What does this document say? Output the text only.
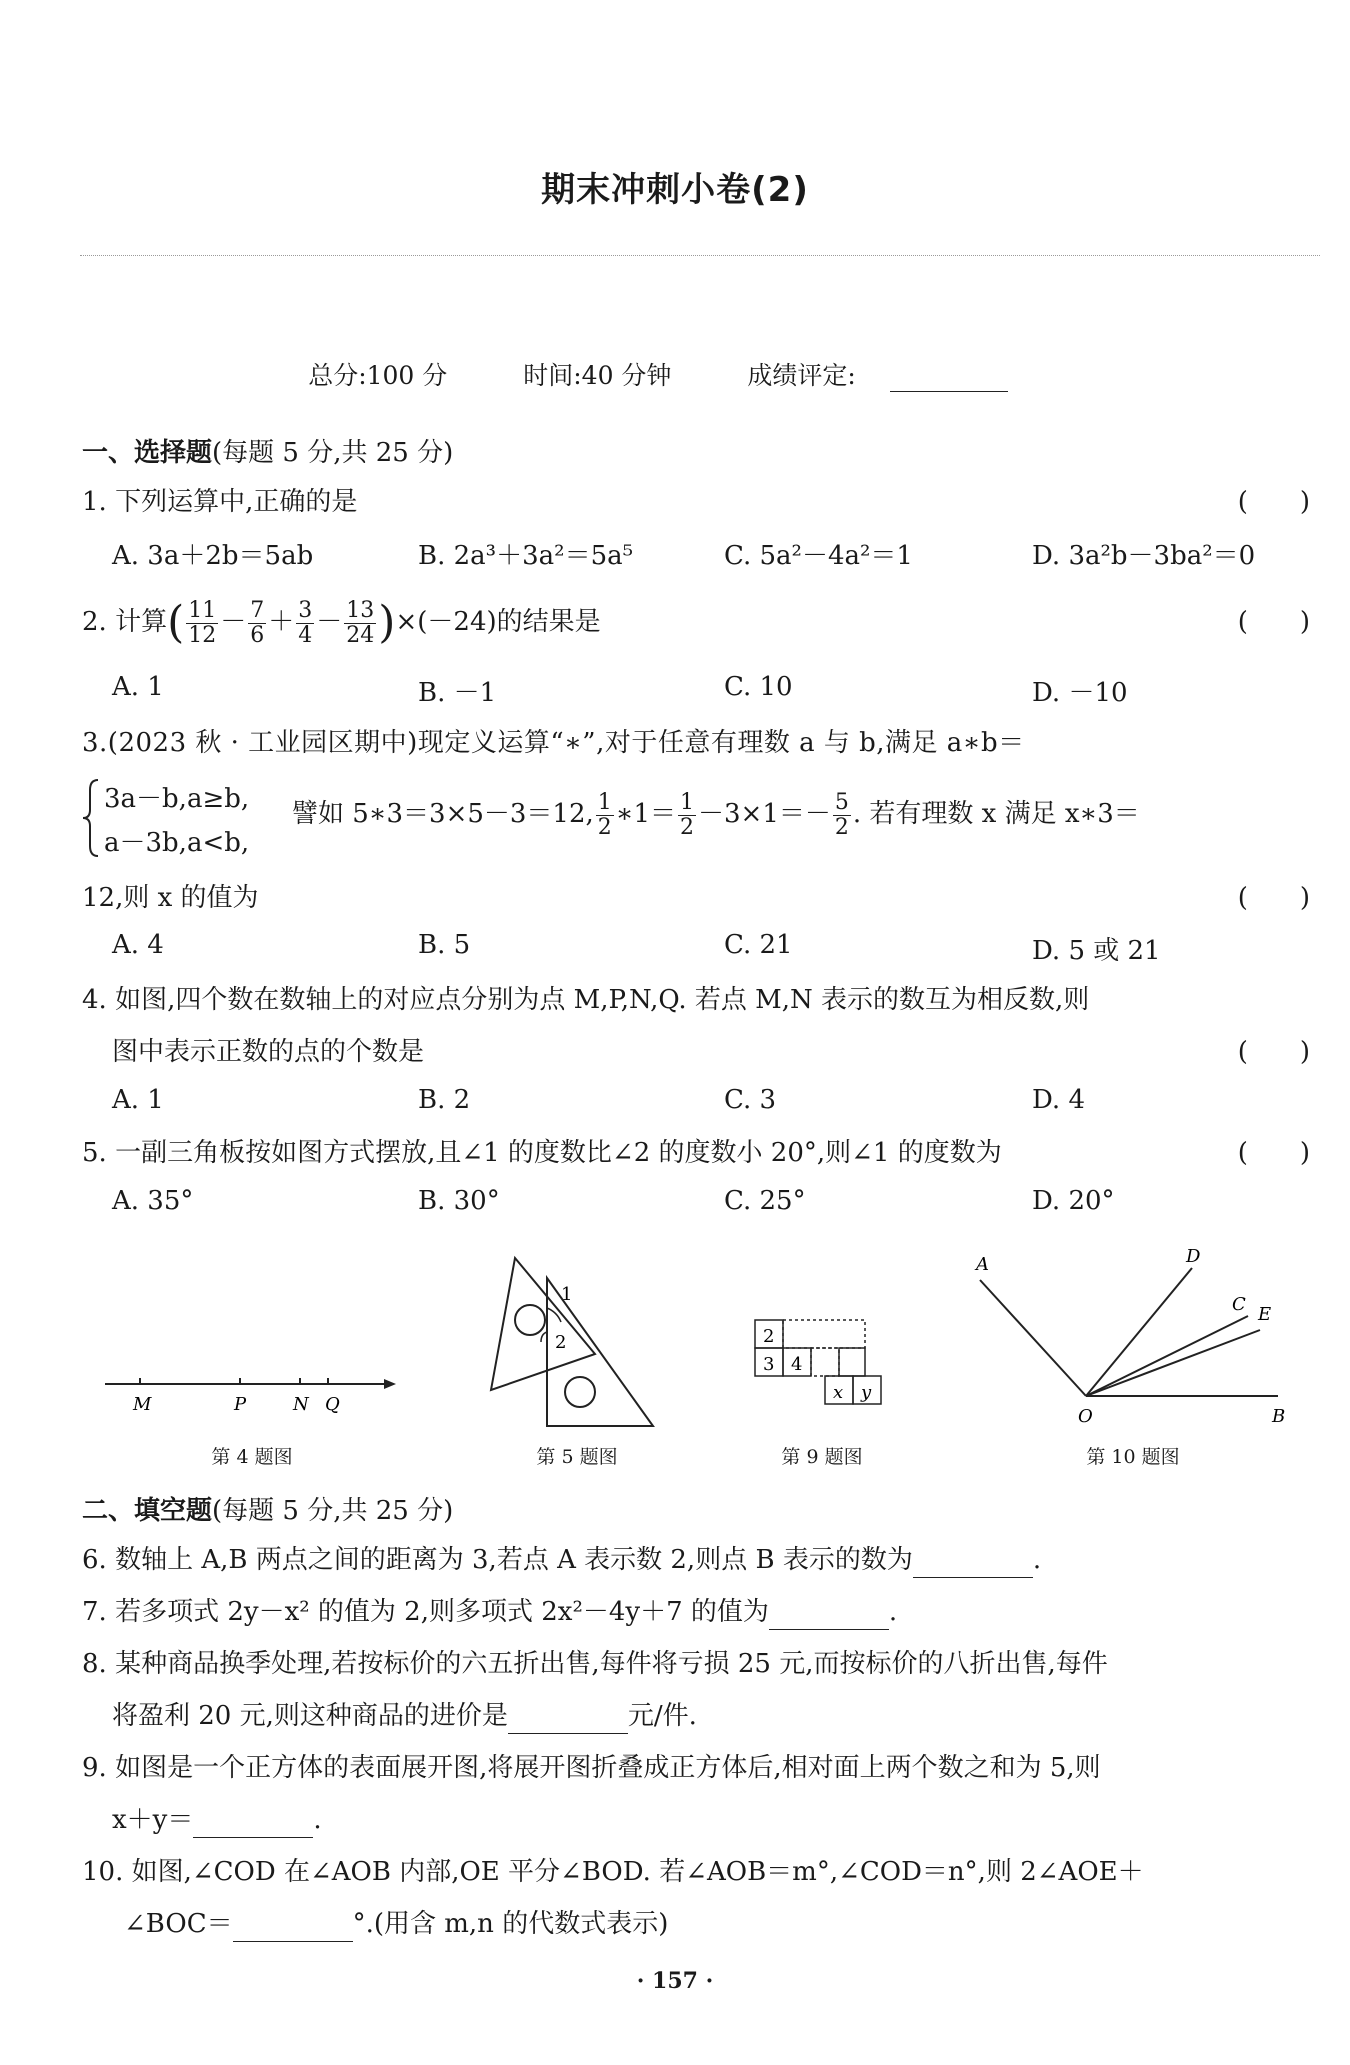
期末冲刺小卷(2)
总分:100 分	时间:40 分钟	成绩评定:
一、选择题(每题 5 分,共 25 分)
1. 下列运算中,正确的是	(　　)
A. 3a＋2b＝5ab	B. 2a³＋3a²＝5a⁵	C. 5a²－4a²＝1	D. 3a²b－3ba²＝0
2. 计算( $\frac{11}{12} - \frac{7}{6} + \frac{3}{4} - \frac{13}{24} )\times(-24)$的结果是	(　　)
A. 1	B. －1	C. 10	D. －10
3.(2023 秋 · 工业园区期中)现定义运算“∗”,对于任意有理数 a 与 b,满足 a∗b＝
3a－b,a≥b,
a－3b,a<b,
譬如 5∗3＝3×5－3＝12, $\frac{1}{2}$ ∗1＝ $\frac{1}{2} -3\times 1=- \frac{5}{2}$ . 若有理数 x 满足 x∗3＝
12,则 x 的值为	(　　)
A. 4	B. 5	C. 21	D. 5 或 21
4. 如图,四个数在数轴上的对应点分别为点 M,P,N,Q. 若点 M,N 表示的数互为相反数,则
图中表示正数的点的个数是	(　　)
A. 1	B. 2	C. 3	D. 4
5. 一副三角板按如图方式摆放,且∠1 的度数比∠2 的度数小 20°,则∠1 的度数为	(　　)
A. 35°	B. 30°	C. 25°	D. 20°
M	P	N Q
第 4 题图
1
2
第 5 题图
2
3 4
x y
第 9 题图
A	D
C E
O	B
第 10 题图
二、填空题(每题 5 分,共 25 分)
6. 数轴上 A,B 两点之间的距离为 3,若点 A 表示数 2,则点 B 表示的数为	.
7. 若多项式 2y－x² 的值为 2,则多项式 2x²－4y＋7 的值为	.
8. 某种商品换季处理,若按标价的六五折出售,每件将亏损 25 元,而按标价的八折出售,每件
将盈利 20 元,则这种商品的进价是	元/件.
9. 如图是一个正方体的表面展开图,将展开图折叠成正方体后,相对面上两个数之和为 5,则
x＋y＝	.
10. 如图,∠COD 在∠AOB 内部,OE 平分∠BOD. 若∠AOB＝m°,∠COD＝n°,则 2∠AOE＋
∠BOC＝	°.(用含 m,n 的代数式表示)
· 157 ·
